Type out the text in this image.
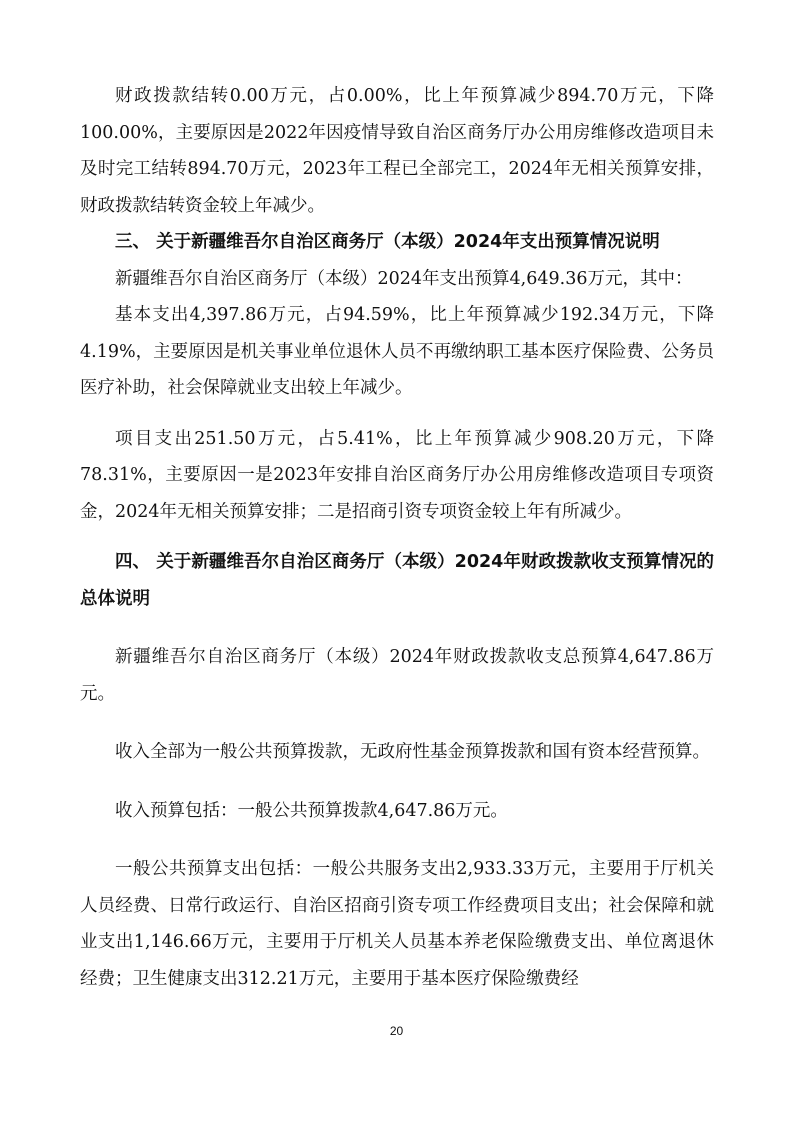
财政拨款结转0.00万元，占0.00%，比上年预算减少894.70万元，下降100.00%，主要原因是2022年因疫情导致自治区商务厅办公用房维修改造项目未及时完工结转894.70万元，2023年工程已全部完工，2024年无相关预算安排，财政拨款结转资金较上年减少。

三、 关于新疆维吾尔自治区商务厅（本级）2024年支出预算情况说明

新疆维吾尔自治区商务厅（本级）2024年支出预算4,649.36万元，其中：

基本支出4,397.86万元，占94.59%，比上年预算减少192.34万元，下降4.19%，主要原因是机关事业单位退休人员不再缴纳职工基本医疗保险费、公务员医疗补助，社会保障就业支出较上年减少。

项目支出251.50万元，占5.41%，比上年预算减少908.20万元，下降78.31%，主要原因一是2023年安排自治区商务厅办公用房维修改造项目专项资金，2024年无相关预算安排；二是招商引资专项资金较上年有所减少。

四、 关于新疆维吾尔自治区商务厅（本级）2024年财政拨款收支预算情况的总体说明

新疆维吾尔自治区商务厅（本级）2024年财政拨款收支总预算4,647.86万元。

收入全部为一般公共预算拨款，无政府性基金预算拨款和国有资本经营预算。

收入预算包括：一般公共预算拨款4,647.86万元。

一般公共预算支出包括：一般公共服务支出2,933.33万元，主要用于厅机关人员经费、日常行政运行、自治区招商引资专项工作经费项目支出；社会保障和就业支出1,146.66万元，主要用于厅机关人员基本养老保险缴费支出、单位离退休经费；卫生健康支出312.21万元，主要用于基本医疗保险缴费经

20
